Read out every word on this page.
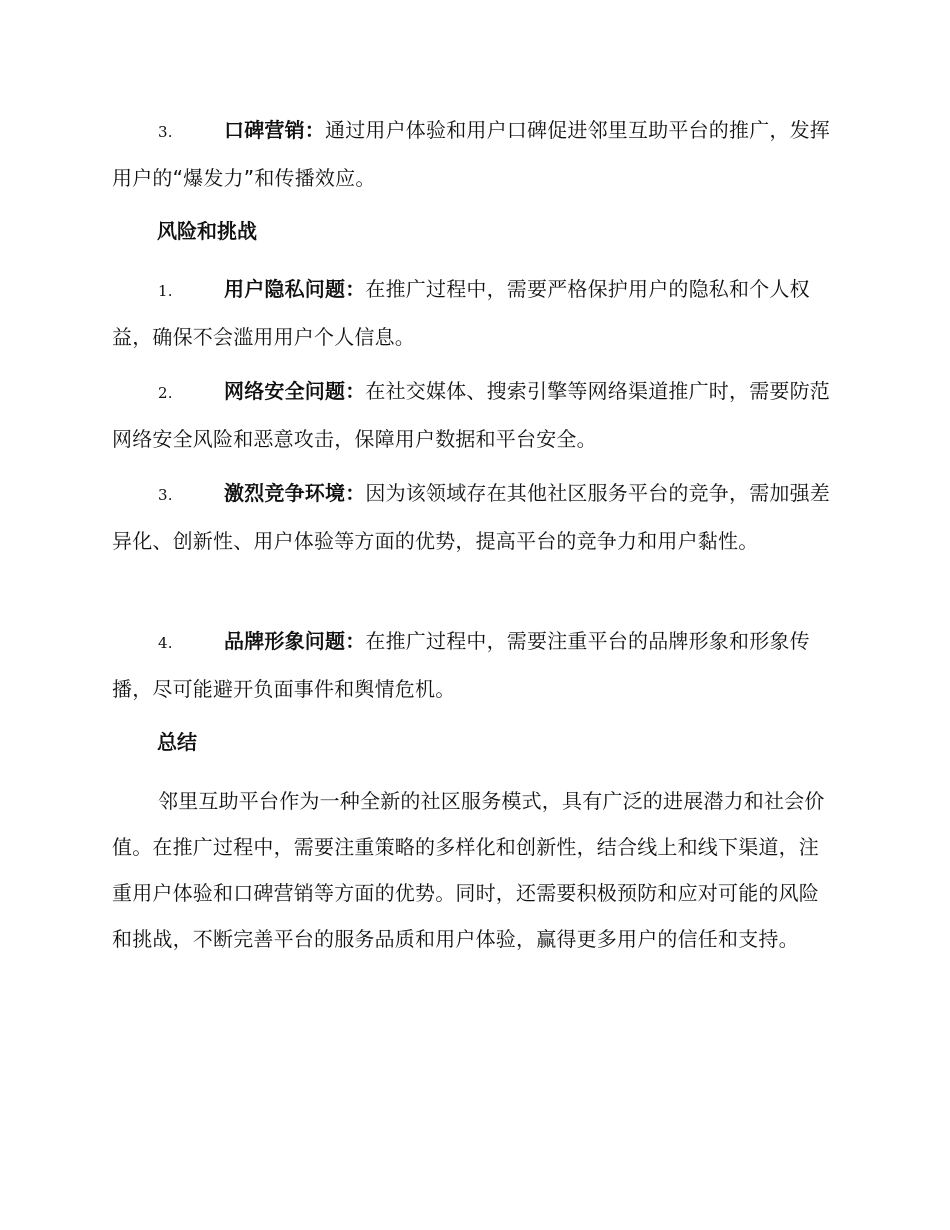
3.	口碑营销：通过用户体验和用户口碑促进邻里互助平台的推广，发挥用户的“爆发力”和传播效应。
风险和挑战
1.	用户隐私问题：在推广过程中，需要严格保护用户的隐私和个人权益，确保不会滥用用户个人信息。
2.	网络安全问题：在社交媒体、搜索引擎等网络渠道推广时，需要防范网络安全风险和恶意攻击，保障用户数据和平台安全。
3.	激烈竞争环境：因为该领域存在其他社区服务平台的竞争，需加强差异化、创新性、用户体验等方面的优势，提高平台的竞争力和用户黏性。
4.	品牌形象问题：在推广过程中，需要注重平台的品牌形象和形象传播，尽可能避开负面事件和舆情危机。
总结
邻里互助平台作为一种全新的社区服务模式，具有广泛的进展潜力和社会价值。在推广过程中，需要注重策略的多样化和创新性，结合线上和线下渠道，注重用户体验和口碑营销等方面的优势。同时，还需要积极预防和应对可能的风险和挑战，不断完善平台的服务品质和用户体验，赢得更多用户的信任和支持。
